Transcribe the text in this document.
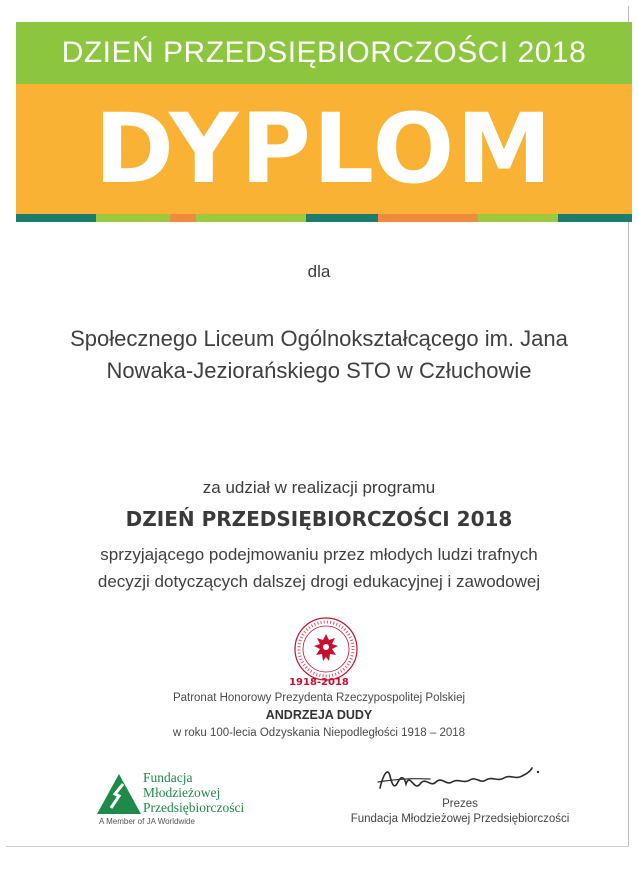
DZIEŃ PRZEDSIĘBIORCZOŚCI 2018
DYPLOM
dla
Społecznego Liceum Ogólnokształcącego im. Jana
Nowaka-Jeziorańskiego STO w Człuchowie
za udział w realizacji programu
DZIEŃ PRZEDSIĘBIORCZOŚCI 2018
sprzyjającego podejmowaniu przez młodych ludzi trafnych
decyzji dotyczących dalszej drogi edukacyjnej i zawodowej
1918-2018
Patronat Honorowy Prezydenta Rzeczypospolitej Polskiej
ANDRZEJA DUDY
w roku 100-lecia Odzyskania Niepodległości 1918 – 2018
Fundacja
Młodzieżowej
Przedsiębiorczości
A Member of JA Worldwide
Prezes
Fundacja Młodzieżowej Przedsiębiorczości
